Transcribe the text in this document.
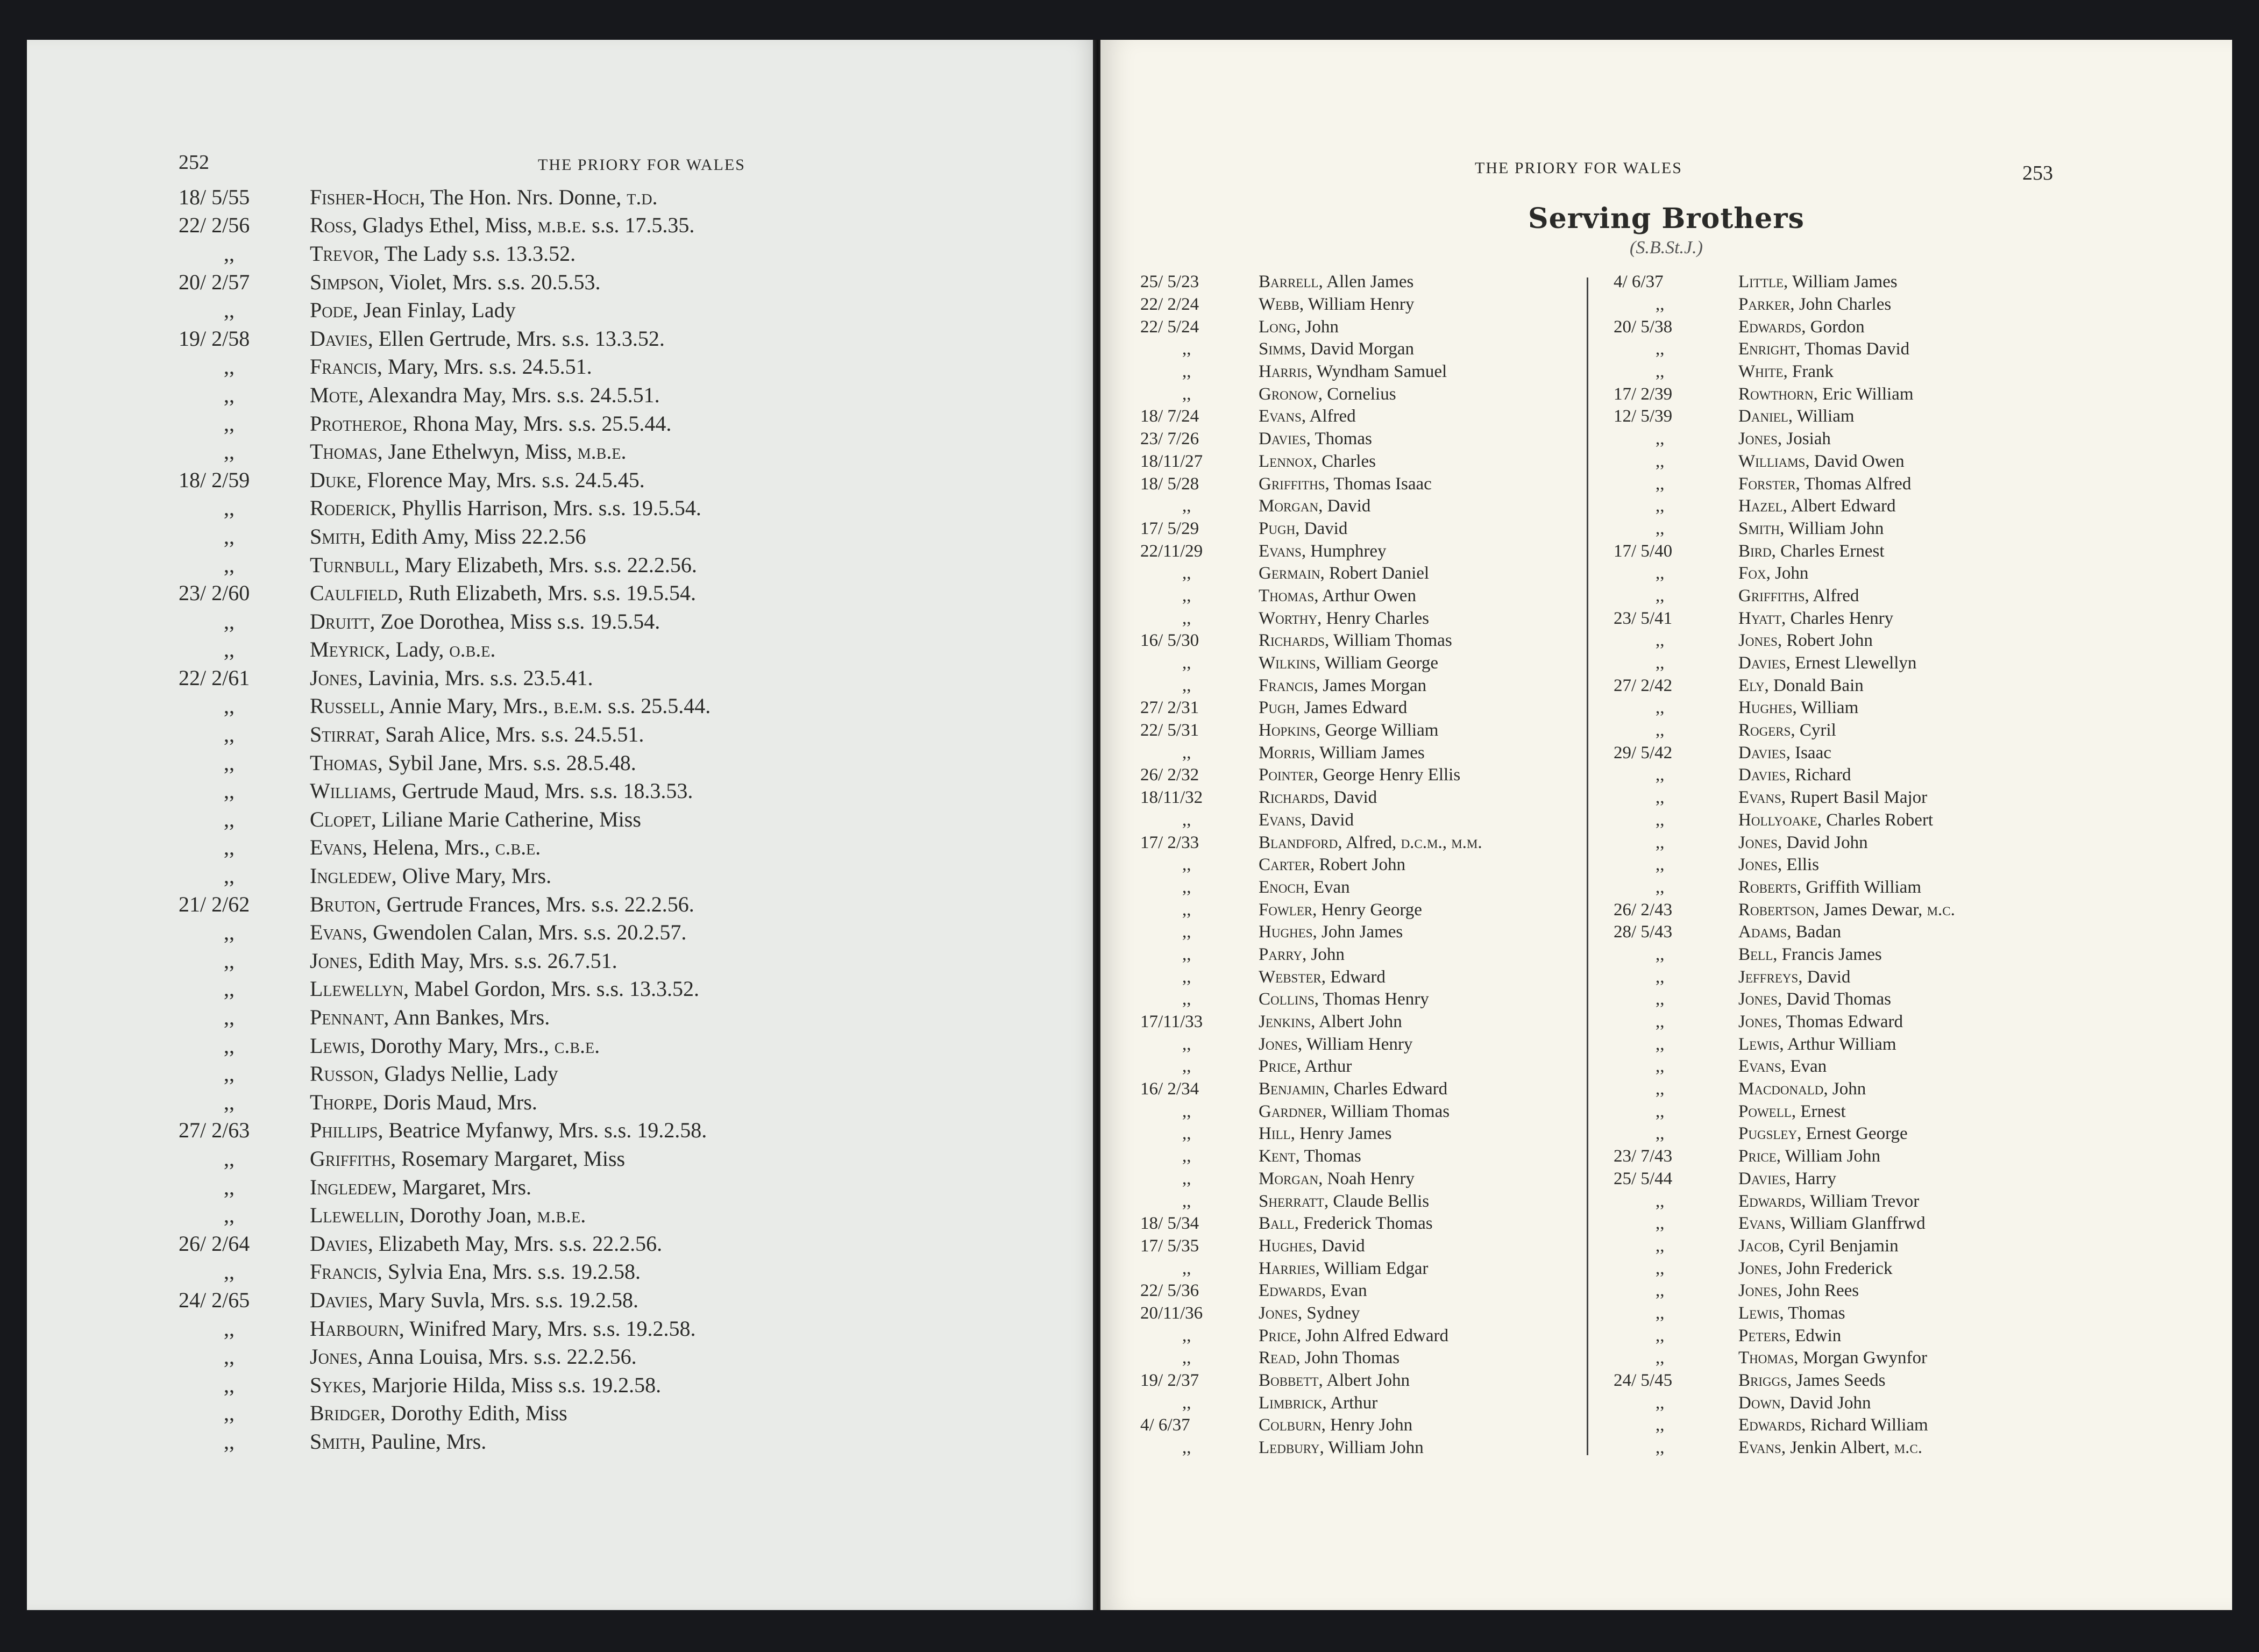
252	THE PRIORY FOR WALES	THE PRIORY FOR WALES	253
Serving Brothers
(S.B.St.J.)
18/ 5/55	Fisher-Hoch, The Hon. Nrs. Donne, t.d.
22/ 2/56	Ross, Gladys Ethel, Miss, m.b.e. s.s. 17.5.35.
,,	Trevor, The Lady s.s. 13.3.52.
20/ 2/57	Simpson, Violet, Mrs. s.s. 20.5.53.
,,	Pode, Jean Finlay, Lady
19/ 2/58	Davies, Ellen Gertrude, Mrs. s.s. 13.3.52.
,,	Francis, Mary, Mrs. s.s. 24.5.51.
,,	Mote, Alexandra May, Mrs. s.s. 24.5.51.
,,	Protheroe, Rhona May, Mrs. s.s. 25.5.44.
,,	Thomas, Jane Ethelwyn, Miss, m.b.e.
18/ 2/59	Duke, Florence May, Mrs. s.s. 24.5.45.
,,	Roderick, Phyllis Harrison, Mrs. s.s. 19.5.54.
,,	Smith, Edith Amy, Miss 22.2.56
,,	Turnbull, Mary Elizabeth, Mrs. s.s. 22.2.56.
23/ 2/60	Caulfield, Ruth Elizabeth, Mrs. s.s. 19.5.54.
,,	Druitt, Zoe Dorothea, Miss s.s. 19.5.54.
,,	Meyrick, Lady, o.b.e.
22/ 2/61	Jones, Lavinia, Mrs. s.s. 23.5.41.
,,	Russell, Annie Mary, Mrs., b.e.m. s.s. 25.5.44.
,,	Stirrat, Sarah Alice, Mrs. s.s. 24.5.51.
,,	Thomas, Sybil Jane, Mrs. s.s. 28.5.48.
,,	Williams, Gertrude Maud, Mrs. s.s. 18.3.53.
,,	Clopet, Liliane Marie Catherine, Miss
,,	Evans, Helena, Mrs., c.b.e.
,,	Ingledew, Olive Mary, Mrs.
21/ 2/62	Bruton, Gertrude Frances, Mrs. s.s. 22.2.56.
,,	Evans, Gwendolen Calan, Mrs. s.s. 20.2.57.
,,	Jones, Edith May, Mrs. s.s. 26.7.51.
,,	Llewellyn, Mabel Gordon, Mrs. s.s. 13.3.52.
,,	Pennant, Ann Bankes, Mrs.
,,	Lewis, Dorothy Mary, Mrs., c.b.e.
,,	Russon, Gladys Nellie, Lady
,,	Thorpe, Doris Maud, Mrs.
27/ 2/63	Phillips, Beatrice Myfanwy, Mrs. s.s. 19.2.58.
,,	Griffiths, Rosemary Margaret, Miss
,,	Ingledew, Margaret, Mrs.
,,	Llewellin, Dorothy Joan, m.b.e.
26/ 2/64	Davies, Elizabeth May, Mrs. s.s. 22.2.56.
,,	Francis, Sylvia Ena, Mrs. s.s. 19.2.58.
24/ 2/65	Davies, Mary Suvla, Mrs. s.s. 19.2.58.
,,	Harbourn, Winifred Mary, Mrs. s.s. 19.2.58.
,,	Jones, Anna Louisa, Mrs. s.s. 22.2.56.
,,	Sykes, Marjorie Hilda, Miss s.s. 19.2.58.
,,	Bridger, Dorothy Edith, Miss
,,	Smith, Pauline, Mrs.
25/ 5/23	Barrell, Allen James
22/ 2/24	Webb, William Henry
22/ 5/24	Long, John
,,	Simms, David Morgan
,,	Harris, Wyndham Samuel
,,	Gronow, Cornelius
18/ 7/24	Evans, Alfred
23/ 7/26	Davies, Thomas
18/11/27	Lennox, Charles
18/ 5/28	Griffiths, Thomas Isaac
,,	Morgan, David
17/ 5/29	Pugh, David
22/11/29	Evans, Humphrey
,,	Germain, Robert Daniel
,,	Thomas, Arthur Owen
,,	Worthy, Henry Charles
16/ 5/30	Richards, William Thomas
,,	Wilkins, William George
,,	Francis, James Morgan
27/ 2/31	Pugh, James Edward
22/ 5/31	Hopkins, George William
,,	Morris, William James
26/ 2/32	Pointer, George Henry Ellis
18/11/32	Richards, David
,,	Evans, David
17/ 2/33	Blandford, Alfred, d.c.m., m.m.
,,	Carter, Robert John
,,	Enoch, Evan
,,	Fowler, Henry George
,,	Hughes, John James
,,	Parry, John
,,	Webster, Edward
,,	Collins, Thomas Henry
17/11/33	Jenkins, Albert John
,,	Jones, William Henry
,,	Price, Arthur
16/ 2/34	Benjamin, Charles Edward
,,	Gardner, William Thomas
,,	Hill, Henry James
,,	Kent, Thomas
,,	Morgan, Noah Henry
,,	Sherratt, Claude Bellis
18/ 5/34	Ball, Frederick Thomas
17/ 5/35	Hughes, David
,,	Harries, William Edgar
22/ 5/36	Edwards, Evan
20/11/36	Jones, Sydney
,,	Price, John Alfred Edward
,,	Read, John Thomas
19/ 2/37	Bobbett, Albert John
,,	Limbrick, Arthur
4/ 6/37	Colburn, Henry John
,,	Ledbury, William John
4/ 6/37	Little, William James
,,	Parker, John Charles
20/ 5/38	Edwards, Gordon
,,	Enright, Thomas David
,,	White, Frank
17/ 2/39	Rowthorn, Eric William
12/ 5/39	Daniel, William
,,	Jones, Josiah
,,	Williams, David Owen
,,	Forster, Thomas Alfred
,,	Hazel, Albert Edward
,,	Smith, William John
17/ 5/40	Bird, Charles Ernest
,,	Fox, John
,,	Griffiths, Alfred
23/ 5/41	Hyatt, Charles Henry
,,	Jones, Robert John
,,	Davies, Ernest Llewellyn
27/ 2/42	Ely, Donald Bain
,,	Hughes, William
,,	Rogers, Cyril
29/ 5/42	Davies, Isaac
,,	Davies, Richard
,,	Evans, Rupert Basil Major
,,	Hollyoake, Charles Robert
,,	Jones, David John
,,	Jones, Ellis
,,	Roberts, Griffith William
26/ 2/43	Robertson, James Dewar, m.c.
28/ 5/43	Adams, Badan
,,	Bell, Francis James
,,	Jeffreys, David
,,	Jones, David Thomas
,,	Jones, Thomas Edward
,,	Lewis, Arthur William
,,	Evans, Evan
,,	Macdonald, John
,,	Powell, Ernest
,,	Pugsley, Ernest George
23/ 7/43	Price, William John
25/ 5/44	Davies, Harry
,,	Edwards, William Trevor
,,	Evans, William Glanffrwd
,,	Jacob, Cyril Benjamin
,,	Jones, John Frederick
,,	Jones, John Rees
,,	Lewis, Thomas
,,	Peters, Edwin
,,	Thomas, Morgan Gwynfor
24/ 5/45	Briggs, James Seeds
,,	Down, David John
,,	Edwards, Richard William
,,	Evans, Jenkin Albert, m.c.
